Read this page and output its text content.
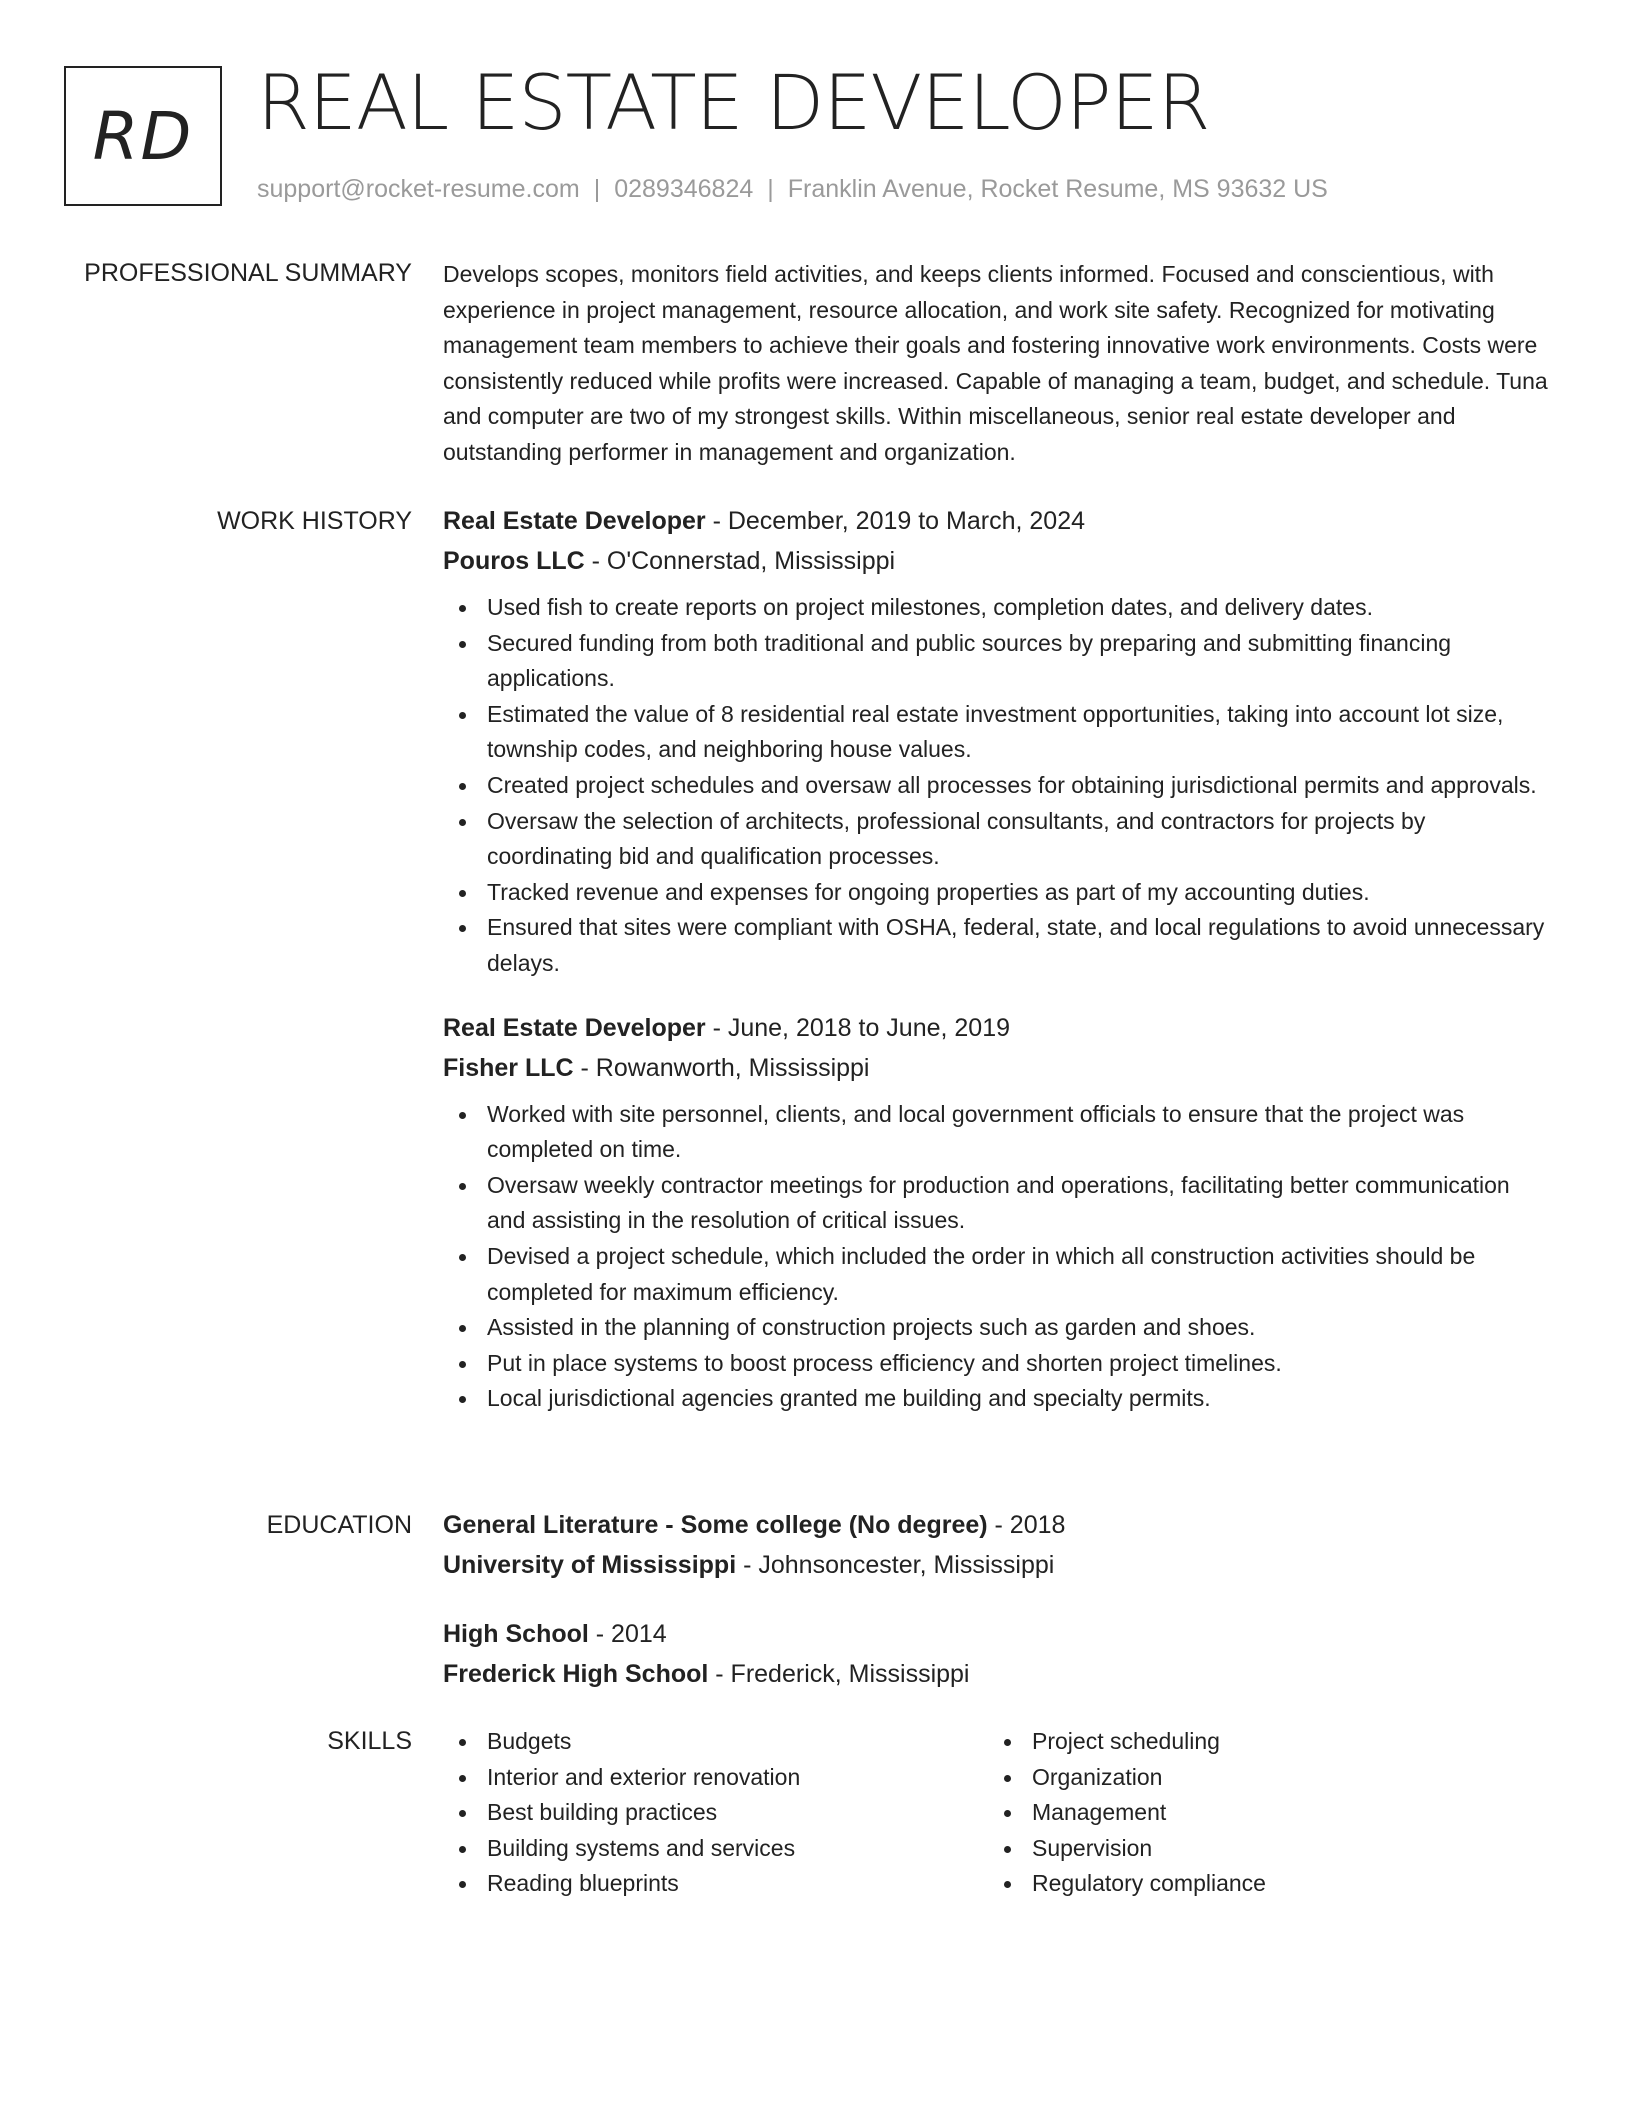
RD REAL ESTATE DEVELOPER
support@rocket-resume.com | 0289346824 | Franklin Avenue, Rocket Resume, MS 93632 US
PROFESSIONAL SUMMARY Develops scopes, monitors field activities, and keeps clients informed. Focused and conscientious, with experience in project management, resource allocation, and work site safety. Recognized for motivating management team members to achieve their goals and fostering innovative work environments. Costs were consistently reduced while profits were increased. Capable of managing a team, budget, and schedule. Tuna and computer are two of my strongest skills. Within miscellaneous, senior real estate developer and outstanding performer in management and organization.

WORK HISTORY Real Estate Developer - December, 2019 to March, 2024
Pouros LLC - O'Connerstad, Mississippi
Used fish to create reports on project milestones, completion dates, and delivery dates.
Secured funding from both traditional and public sources by preparing and submitting financing applications.
Estimated the value of 8 residential real estate investment opportunities, taking into account lot size, township codes, and neighboring house values.
Created project schedules and oversaw all processes for obtaining jurisdictional permits and approvals.
Oversaw the selection of architects, professional consultants, and contractors for projects by coordinating bid and qualification processes.
Tracked revenue and expenses for ongoing properties as part of my accounting duties.
Ensured that sites were compliant with OSHA, federal, state, and local regulations to avoid unnecessary delays.
Real Estate Developer - June, 2018 to June, 2019
Fisher LLC - Rowanworth, Mississippi
Worked with site personnel, clients, and local government officials to ensure that the project was completed on time.
Oversaw weekly contractor meetings for production and operations, facilitating better communication and assisting in the resolution of critical issues.
Devised a project schedule, which included the order in which all construction activities should be completed for maximum efficiency.
Assisted in the planning of construction projects such as garden and shoes.
Put in place systems to boost process efficiency and shorten project timelines.
Local jurisdictional agencies granted me building and specialty permits.
EDUCATION General Literature - Some college (No degree) - 2018
University of Mississippi - Johnsoncester, Mississippi
High School - 2014
Frederick High School - Frederick, Mississippi
SKILLS	Budgets
Interior and exterior renovation
Best building practices
Building systems and services
Reading blueprints
Project scheduling
Organization
Management
Supervision
Regulatory compliance
